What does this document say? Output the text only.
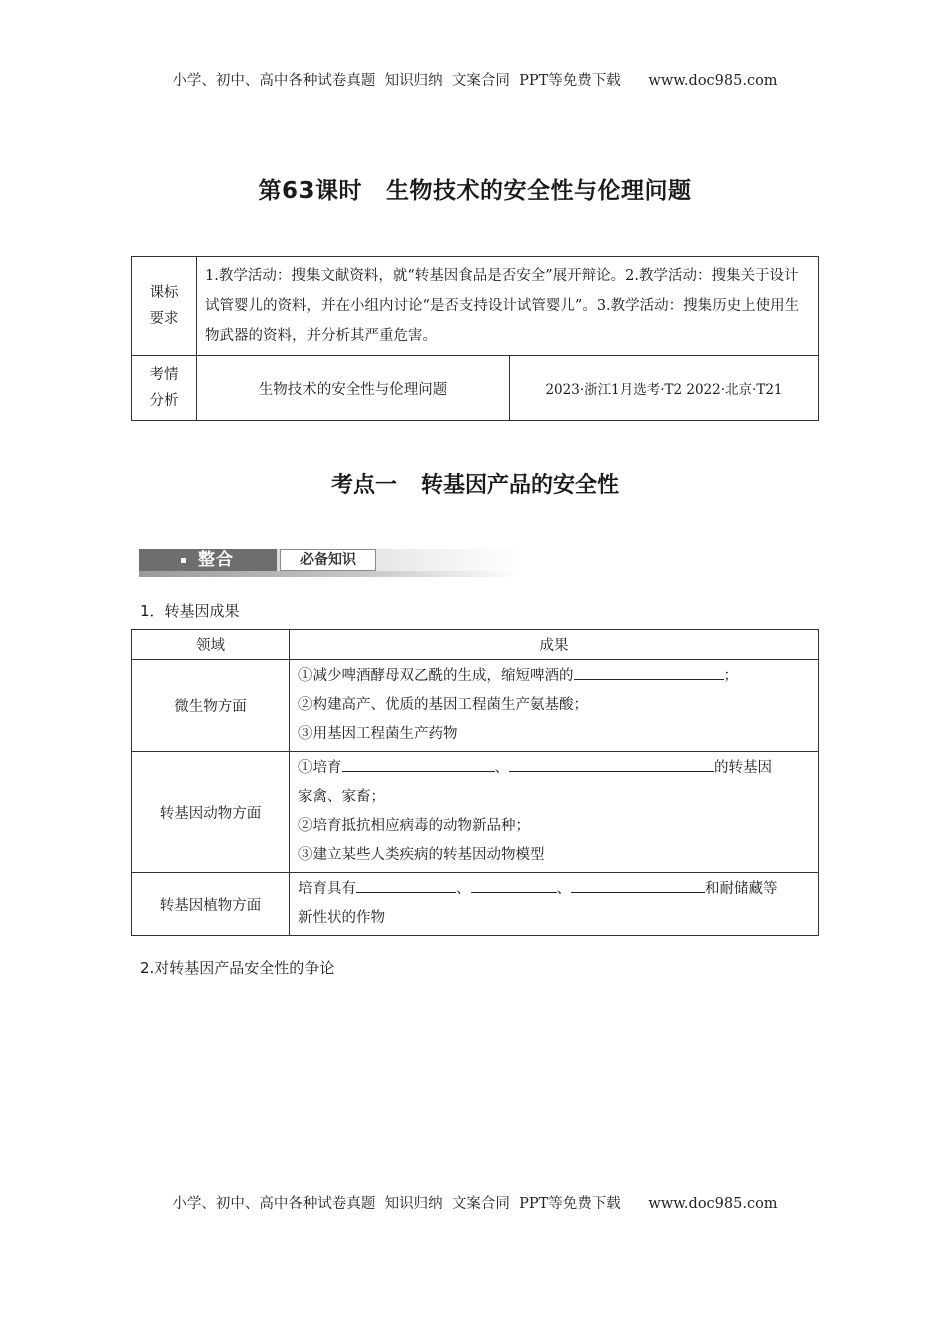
小学、初中、高中各种试卷真题  知识归纳  文案合同  PPT等免费下载      www.doc985.com
第63课时 生物技术的安全性与伦理问题
课标
要求	1.教学活动：搜集文献资料，就“转基因食品是否安全”展开辩论。2.教学活动：搜集关于设计试管婴儿的资料，并在小组内讨论“是否支持设计试管婴儿”。3.教学活动：搜集历史上使用生物武器的资料，并分析其严重危害。	

考情
分析	生物技术的安全性与伦理问题	2023·浙江1月选考·T2 2022·北京·T21
考点一 转基因产品的安全性
整合	必备知识
1．转基因成果
领域	成果
微生物方面	①减少啤酒酵母双乙酰的生成，缩短啤酒的 ；
②构建高产、优质的基因工程菌生产氨基酸；
③用基因工程菌生产药物

转基因动物方面	①培育 、 的转基因
家禽、家畜；
②培育抵抗相应病毒的动物新品种；
③建立某些人类疾病的转基因动物模型

转基因植物方面	培育具有 、 、 和耐储藏等
新性状的作物
2.对转基因产品安全性的争论
小学、初中、高中各种试卷真题  知识归纳  文案合同  PPT等免费下载      www.doc985.com
